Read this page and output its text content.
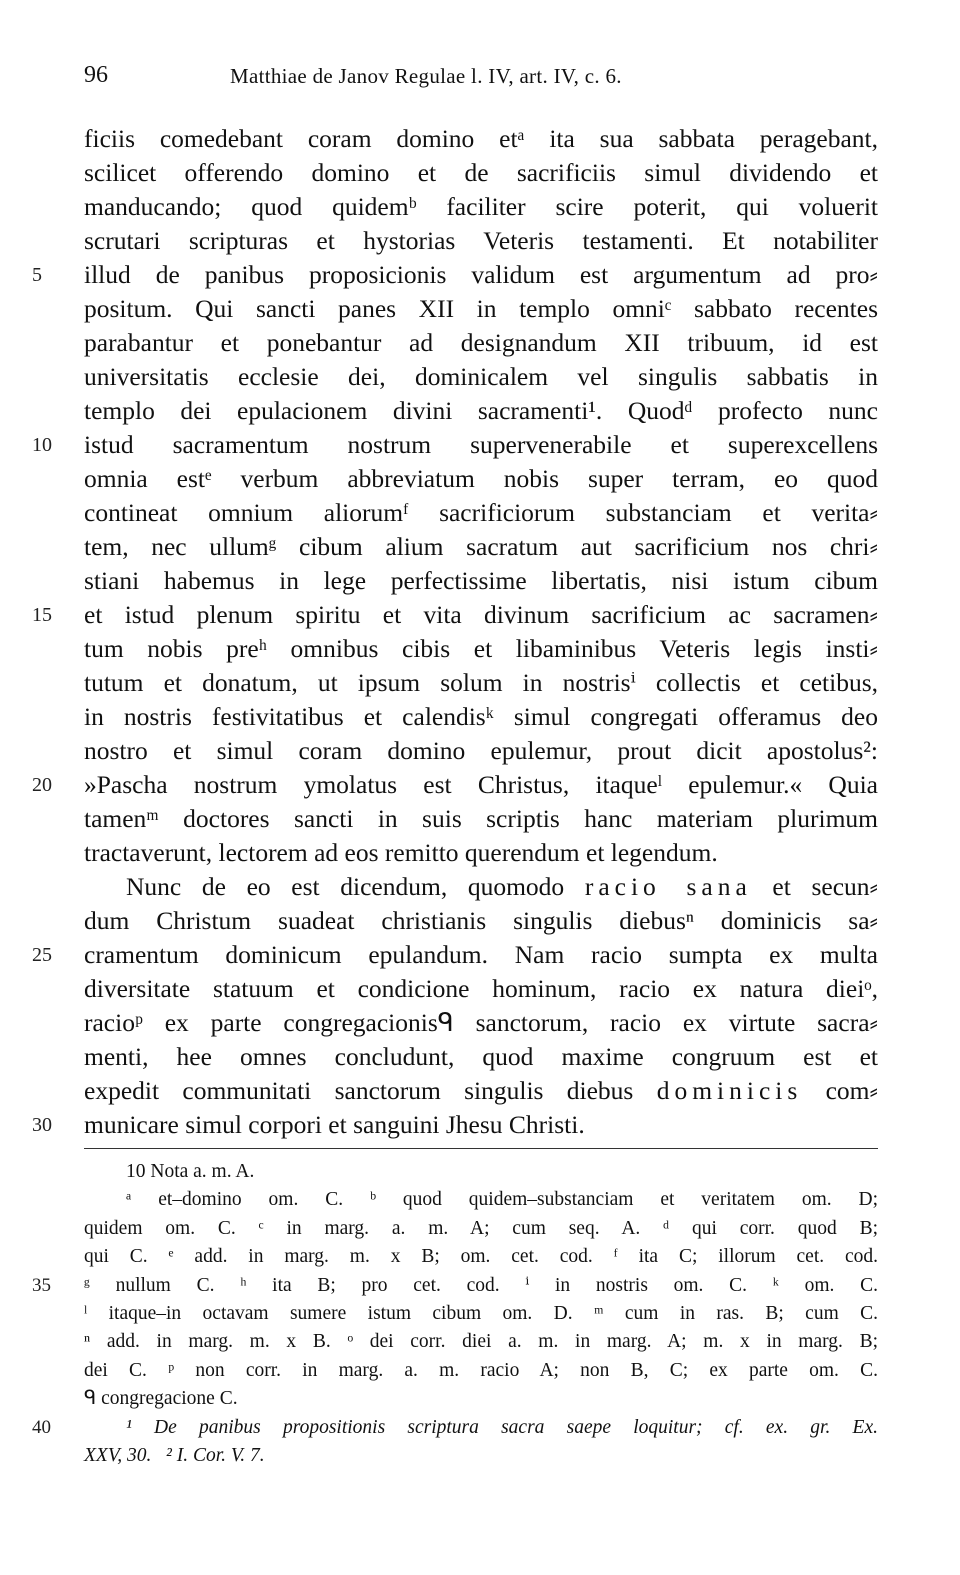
96	Matthiae de Janov Regulae l. IV, art. IV, c. 6.
ficiis comedebant coram domino etᵃ ita sua sabbata peragebant,
scilicet offerendo domino et de sacrificiis simul dividendo et
manducando; quod quidemᵇ faciliter scire poterit, qui voluerit
scrutari scripturas et hystorias Veteris testamenti. Et notabiliter
5	illud de panibus proposicionis validum est argumentum ad pro⸗
positum. Qui sancti panes XII in templo omniᶜ sabbato recentes
parabantur et ponebantur ad designandum XII tribuum, id est
universitatis ecclesie dei, dominicalem vel singulis sabbatis in
templo dei epulacionem divini sacramenti¹. Quodᵈ profecto nunc
10	istud sacramentum nostrum supervenerabile et superexcellens
omnia estᵉ verbum abbreviatum nobis super terram, eo quod
contineat omnium aliorumᶠ sacrificiorum substanciam et verita⸗
tem, nec ullumᵍ cibum alium sacratum aut sacrificium nos chri⸗
stiani habemus in lege perfectissime libertatis, nisi istum cibum
15	et istud plenum spiritu et vita divinum sacrificium ac sacramen⸗
tum nobis preʰ omnibus cibis et libaminibus Veteris legis insti⸗
tutum et donatum, ut ipsum solum in nostrisⁱ collectis et cetibus,
in nostris festivitatibus et calendisᵏ simul congregati offeramus deo
nostro et simul coram domino epulemur, prout dicit apostolus²:
20	»Pascha nostrum ymolatus est Christus, itaqueˡ epulemur.« Quia
tamenᵐ doctores sancti in suis scriptis hanc materiam plurimum
tractaverunt, lectorem ad eos remitto querendum et legendum.
Nunc de eo est dicendum, quomodo racio sana et secun⸗
dum Christum suadeat christianis singulis diebusⁿ dominicis sa⸗
25	cramentum dominicum epulandum. Nam racio sumpta ex multa
diversitate statuum et condicione hominum, racio ex natura dieiᵒ,
racioᵖ ex parte congregacionisᑫ sanctorum, racio ex virtute sacra⸗
menti, hee omnes concludunt, quod maxime congruum est et
expedit communitati sanctorum singulis diebus dominicis com⸗
30	municare simul corpori et sanguini Jhesu Christi.
10 Nota a. m. A.
ᵃ et–domino om. C. ᵇ quod quidem–substanciam et veritatem om. D;
quidem om. C. ᶜ in marg. a. m. A; cum seq. A. ᵈ qui corr. quod B;
qui C. ᵉ add. in marg. m. x B; om. cet. cod. ᶠ ita C; illorum cet. cod.
35	ᵍ nullum C. ʰ ita B; pro cet. cod. ⁱ in nostris om. C. ᵏ om. C.
ˡ itaque–in octavam sumere istum cibum om. D. ᵐ cum in ras. B; cum C.
ⁿ add. in marg. m. x B. ᵒ dei corr. diei a. m. in marg. A; m. x in marg. B;
dei C. ᵖ non corr. in marg. a. m. racio A; non B, C; ex parte om. C.
ᑫ congregacione C.
40	¹ De panibus propositionis scriptura sacra saepe loquitur; cf. ex. gr. Ex.
XXV, 30. ² I. Cor. V. 7.
